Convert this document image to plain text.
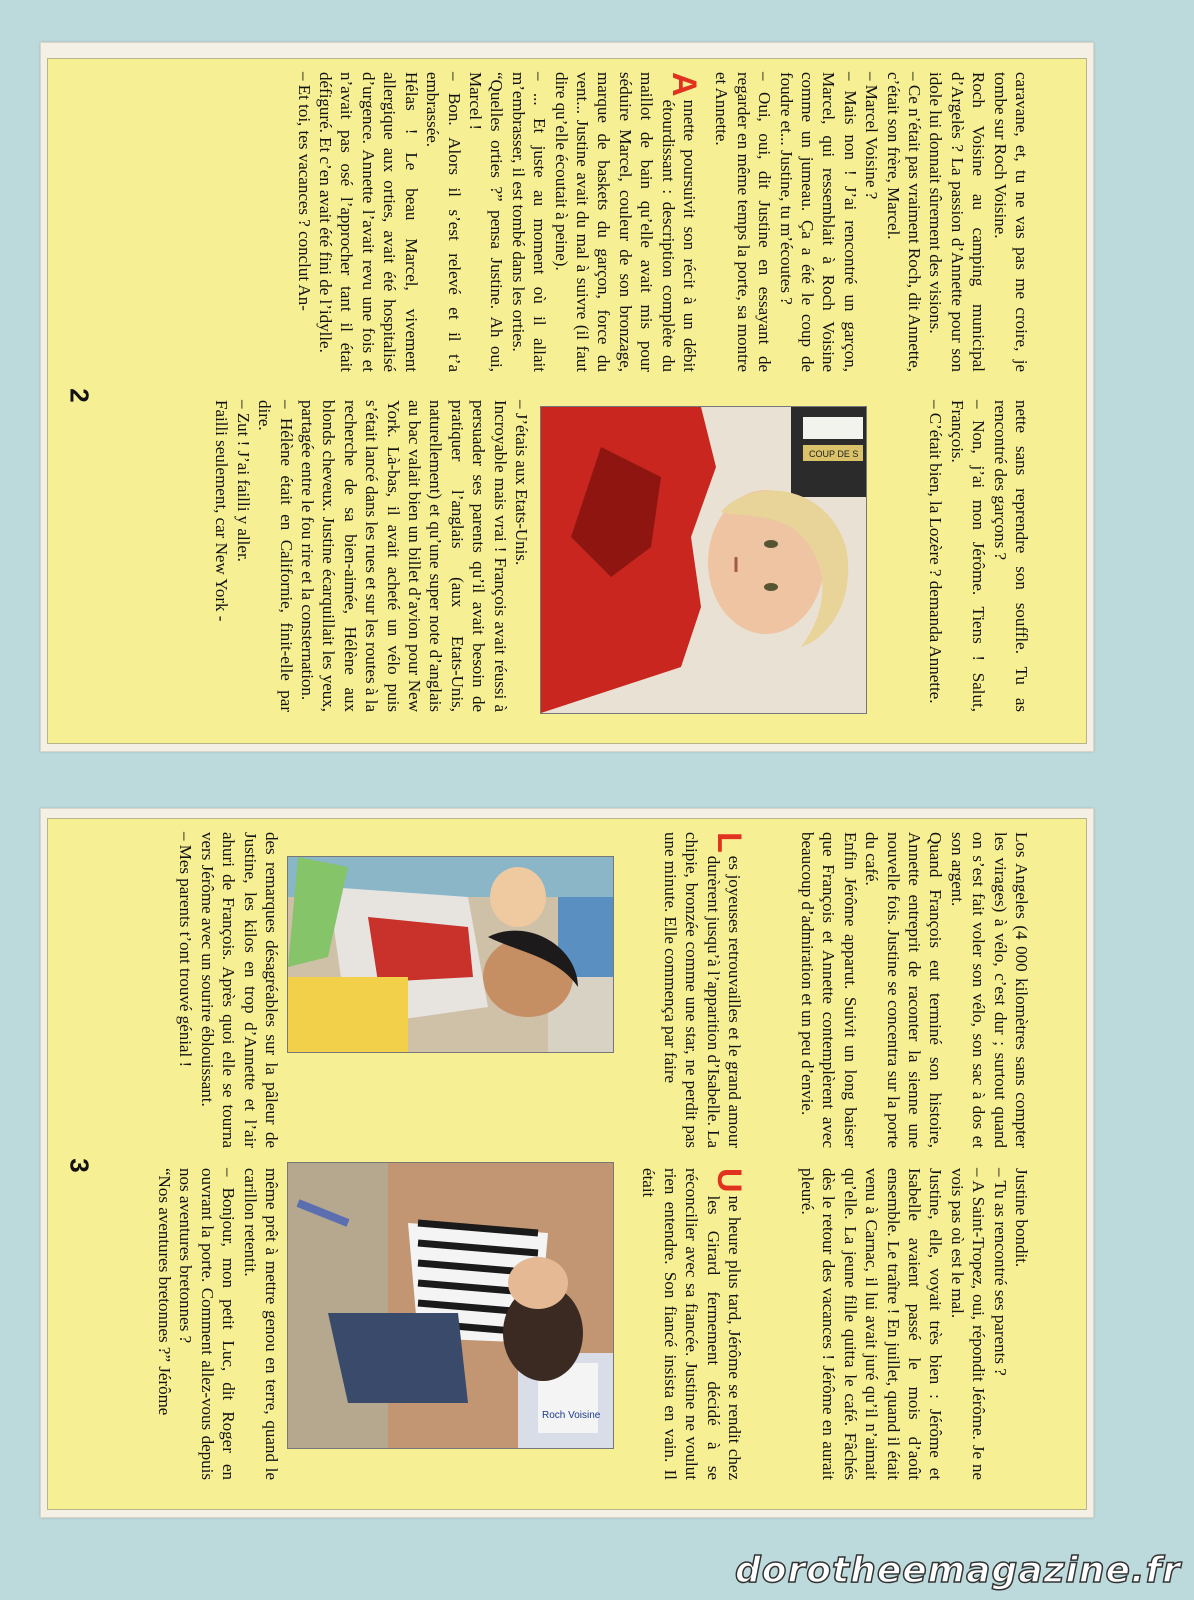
caravane, et, tu ne vas pas me croire, je tombe sur Roch Voisine.

Roch Voisine au camping municipal d’Argelès ? La passion d’Annette pour son idole lui donnait sûrement des visions.

– Ce n’était pas vraiment Roch, dit Annette, c’était son frère, Marcel.

– Marcel Voisine ?

– Mais non ! J’ai rencontré un garçon, Marcel, qui ressemblait à Roch Voisine comme un jumeau. Ça a été le coup de foudre et... Justine, tu m’écoutes ?

– Oui, oui, dit Justine en essayant de regarder en même temps la porte, sa montre et Annette.

A

nnette poursuivit son récit à un débit étourdissant : description complète du maillot de bain qu’elle avait mis pour séduire Marcel, couleur de son bronzage, marque de baskets du garçon, force du vent... Justine avait du mal à suivre (il faut dire qu’elle écoutait à peine).

– ... Et juste au moment où il allait m’embrasser, il est tombé dans les orties.

“Quelles orties ?” pensa Justine. Ah oui, Marcel !

– Bon. Alors il s’est relevé et il t’a embrassée.

Hélas ! Le beau Marcel, vivement allergique aux orties, avait été hospitalisé d’urgence. Annette l’avait revu une fois et n’avait pas osé l’approcher tant il était défiguré. Et c’en avait été fini de l’idylle.

– Et toi, tes vacances ? conclut An-

2

nette sans reprendre son souffle. Tu as rencontré des garçons ?

– Non, j’ai mon Jérôme. Tiens ! Salut, François.

– C’était bien, la Lozère ? demanda Annette.

COUP DE S

– J’étais aux Etats-Unis.

Incroyable mais vrai ! François avait réussi à persuader ses parents qu’il avait besoin de pratiquer l’anglais (aux Etats-Unis, naturellement) et qu’une super note d’anglais au bac valait bien un billet d’avion pour New York. Là-bas, il avait acheté un vélo puis s’était lancé dans les rues et sur les routes à la recherche de sa bien-aimée, Hélène aux blonds cheveux. Justine écarquillait les yeux, partagée entre le fou rire et la consternation.

– Hélène était en Californie, finit-elle par dire.

– Zut ! J’ai failli y aller.

Failli seulement, car New York -

Los Angeles (4 000 kilomètres sans compter les virages) à vélo, c’est dur ; surtout quand on s’est fait voler son vélo, son sac à dos et son argent.

Quand François eut terminé son histoire, Annette entreprit de raconter la sienne une nouvelle fois. Justine se concentra sur la porte du café.

Enfin Jérôme apparut. Suivit un long baiser que François et Annette contemplèrent avec beaucoup d’admiration et un peu d’envie.

L

es joyeuses retrouvailles et le grand amour durèrent jusqu’à l’apparition d’Isabelle. La chipie, bronzée comme une star, ne perdit pas une minute. Elle commença par faire

des remarques désagréables sur la pâleur de Justine, les kilos en trop d’Annette et l’air ahuri de François. Après quoi elle se tourna vers Jérôme avec un sourire éblouissant.

– Mes parents t’ont trouvé génial !

3

Justine bondit.

– Tu as rencontré ses parents ?

– A Saint-Tropez, oui, répondit Jérôme. Je ne vois pas où est le mal.

Justine, elle, voyait très bien : Jérôme et Isabelle avaient passé le mois d’août ensemble. Le traître ! En juillet, quand il était venu à Carnac, il lui avait juré qu’il n’aimait qu’elle. La jeune fille quitta le café. Fâchés dès le retour des vacances ! Jérôme en aurait pleuré.

U

ne heure plus tard, Jérôme se rendit chez les Girard fermement décidé à se réconcilier avec sa fiancée. Justine ne voulut rien entendre. Son fiancé insista en vain. Il était

Roch Voisine

même prêt à mettre genou en terre, quand le carillon retentit.

– Bonjour, mon petit Luc, dit Roger en ouvrant la porte. Comment allez-vous depuis nos aventures bretonnes ?

“Nos aventures bretonnes ?” Jérôme

dorotheemagazine.fr
